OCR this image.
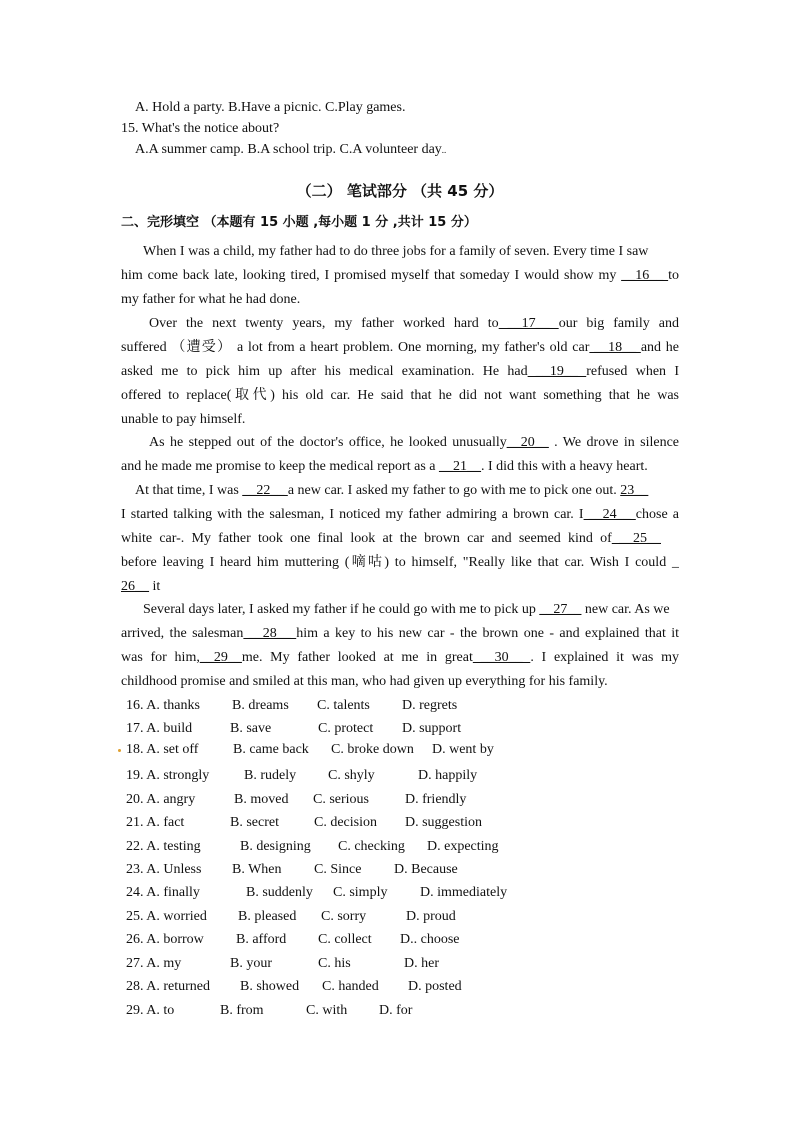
A. Hold a party. B.Have a picnic. C.Play games.
15. What's the notice about?
A.A summer camp. B.A school trip. C.A volunteer day..
（二） 笔试部分 （共 45 分）
二、完形填空 （本题有 15 小题 ,每小题 1 分 ,共计 15 分）
When I was a child, my father had to do three jobs for a family of seven. Every time I saw
him come back late, looking tired, I promised myself that someday I would show my __16__ to
my father for what he had done.
Over the next twenty years, my father worked hard to __17__ our big family and
suffered （遭受） a lot from a heart problem. One morning, my father's old car __18__ and he
asked me to pick him up after his medical examination. He had __19__ refused when I
offered to replace(取代) his old car. He said that he did not want something that he was
unable to pay himself.
As he stepped out of the doctor's office, he looked unusually__20__ . We drove in silence
and he made me promise to keep the medical report as a __21__. I did this with a heavy heart.
At that time, I was __22__ a new car. I asked my father to go with me to pick one out. 23__
I started talking with the salesman, I noticed my father admiring a brown car. I __24__ chose a
white car-. My father took one final look at the brown car and seemed kind of __25__
before leaving I heard him muttering (嘀咕) to himself, "Really like that car. Wish I could _
26__ it
Several days later, I asked my father if he could go with me to pick up __27__ new car. As we
arrived, the salesman __28__ him a key to his new car - the brown one - and explained that it
was for him,__29__me. My father looked at me in great __30__ . I explained it was my
childhood promise and smiled at this man, who had given up everything for his family.
16. A. thanks B. dreams C. talents D. regrets
17. A. build	B. save	C. protect D. support
18. A. set off B. came back C. broke down D. went by
19. A. strongly B. rudely C. shyly	D. happily
20. A. angry	B. moved C. serious	D. friendly
21. A. fact	B. secret	C. decision D. suggestion
22. A. testing	B. designing C. checking D. expecting
23. A. Unless B. When C. Since D. Because
24. A. finally	B. suddenly C. simply D. immediately
25. A. worried B. pleased C. sorry	D. proud
26. A. borrow B. afford C. collect D.. choose
27. A. my	B. your	C. his	D. her
28. A. returned B. showed C. handed D. posted
29. A. to	B. from	C. with D. for
